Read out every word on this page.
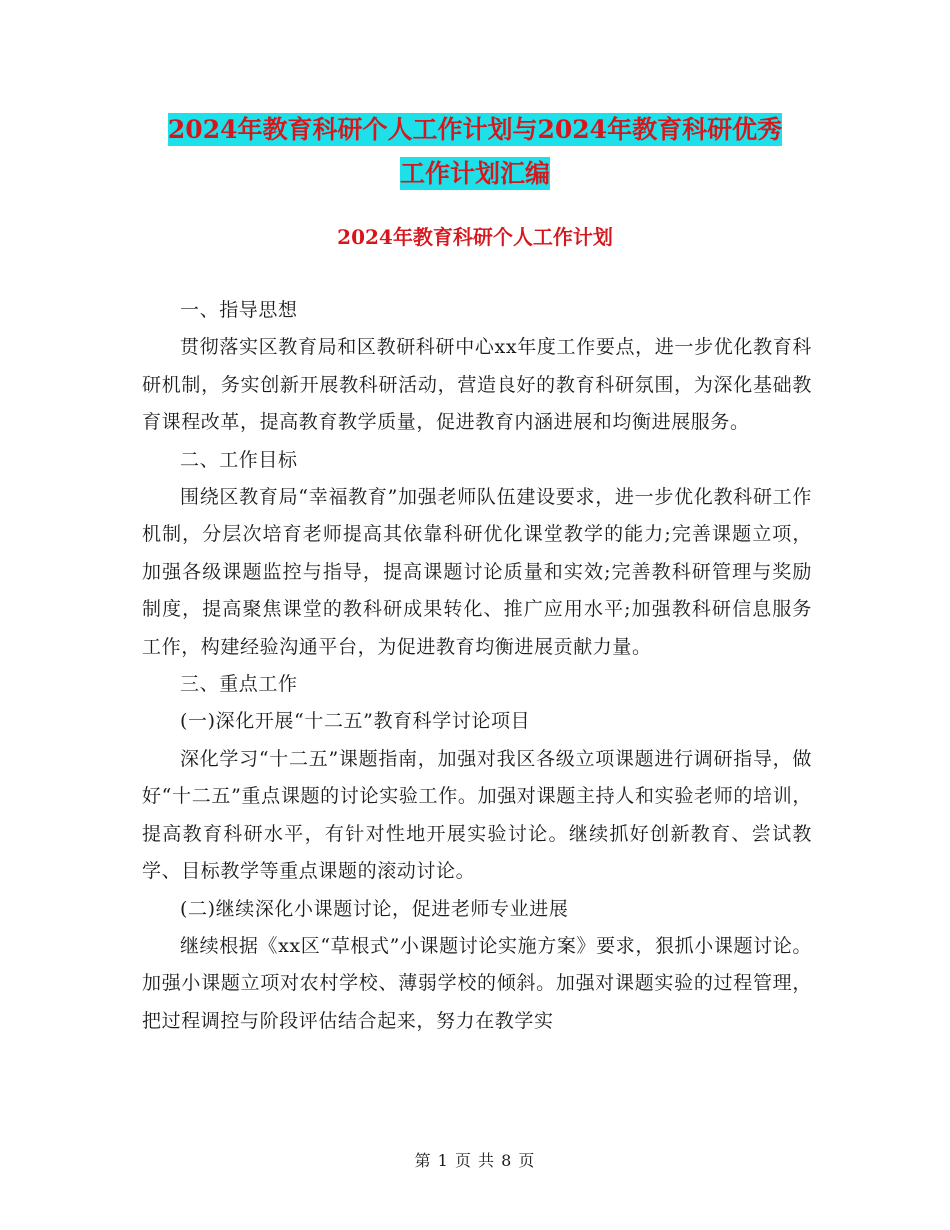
2024年教育科研个人工作计划与2024年教育科研优秀
工作计划汇编
2024年教育科研个人工作计划

一、指导思想

贯彻落实区教育局和区教研科研中心xx年度工作要点，进一步优化教育科研机制，务实创新开展教科研活动，营造良好的教育科研氛围，为深化基础教育课程改革，提高教育教学质量，促进教育内涵进展和均衡进展服务。

二、工作目标

围绕区教育局“幸福教育”加强老师队伍建设要求，进一步优化教科研工作机制，分层次培育老师提高其依靠科研优化课堂教学的能力;完善课题立项，加强各级课题监控与指导，提高课题讨论质量和实效;完善教科研管理与奖励制度，提高聚焦课堂的教科研成果转化、推广应用水平;加强教科研信息服务工作，构建经验沟通平台，为促进教育均衡进展贡献力量。

三、重点工作

(一)深化开展“十二五”教育科学讨论项目

深化学习“十二五”课题指南，加强对我区各级立项课题进行调研指导，做好“十二五”重点课题的讨论实验工作。加强对课题主持人和实验老师的培训，提高教育科研水平，有针对性地开展实验讨论。继续抓好创新教育、尝试教学、目标教学等重点课题的滚动讨论。

(二)继续深化小课题讨论，促进老师专业进展

继续根据《xx区“草根式”小课题讨论实施方案》要求，狠抓小课题讨论。加强小课题立项对农村学校、薄弱学校的倾斜。加强对课题实验的过程管理，把过程调控与阶段评估结合起来，努力在教学实

第 1 页 共 8 页
